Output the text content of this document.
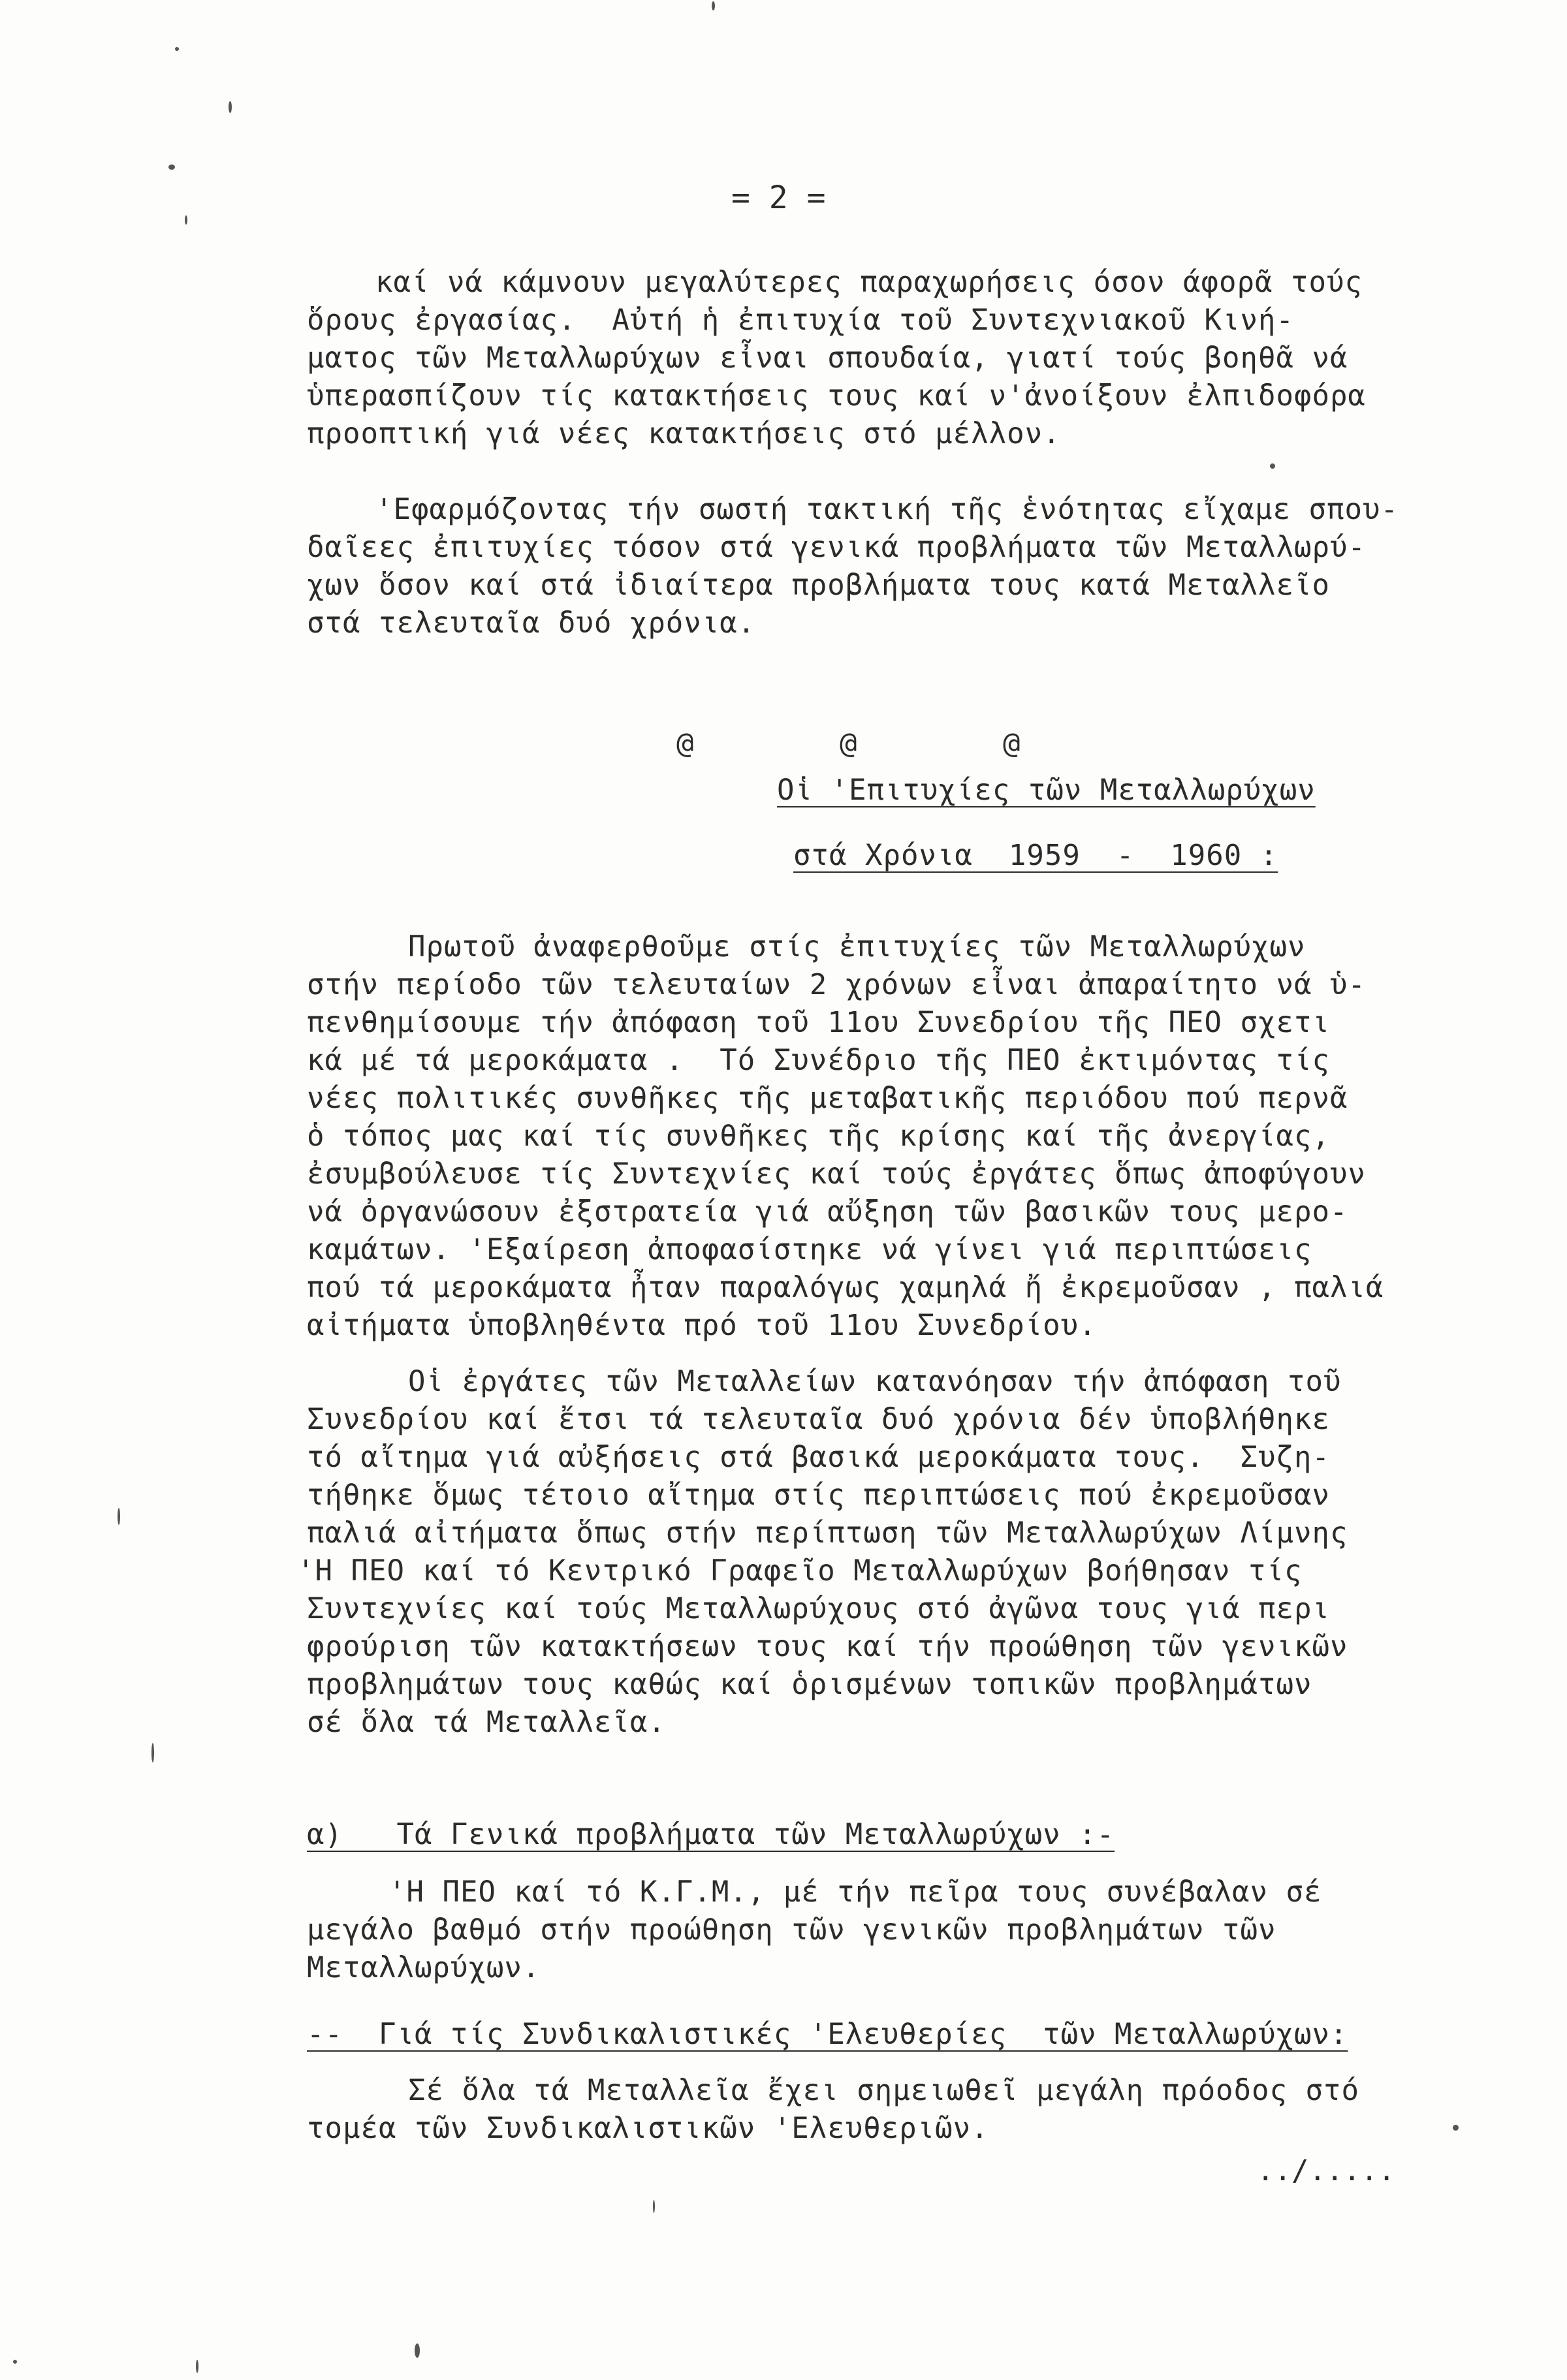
= 2 =
καί νά κάμνουν μεγαλύτερες παραχωρήσεις όσον άφορᾶ τούς
ὅρους ἐργασίας.  Αὐτή ἡ ἐπιτυχία τοῦ Συντεχνιακοῦ Κινή-
ματος τῶν Μεταλλωρύχων εἶναι σπουδαία, γιατί τούς βοηθᾶ νά
ὑπερασπίζουν τίς κατακτήσεις τους καί ν'ἀνοίξουν ἐλπιδοφόρα
προοπτική γιά νέες κατακτήσεις στό μέλλον.
'Εφαρμόζοντας τήν σωστή τακτική τῆς ἑνότητας εἴχαμε σπου-
δαῖεες ἐπιτυχίες τόσον στά γενικά προβλήματα τῶν Μεταλλωρύ-
χων ὅσον καί στά ἰδιαίτερα προβλήματα τους κατά Μεταλλεῖο
στά τελευταῖα δυό χρόνια.

@	@	@

Οἱ 'Επιτυχίες τῶν Μεταλλωρύχων
στά Χρόνια  1959  -  1960 :
Πρωτοῦ ἀναφερθοῦμε στίς ἐπιτυχίες τῶν Μεταλλωρύχων
στήν περίοδο τῶν τελευταίων 2 χρόνων εἶναι ἀπαραίτητο νά ὑ-
πενθημίσουμε τήν ἀπόφαση τοῦ 11ου Συνεδρίου τῆς ΠΕΟ σχετι
κά μέ τά μεροκάματα .  Τό Συνέδριο τῆς ΠΕΟ ἐκτιμόντας τίς
νέες πολιτικές συνθῆκες τῆς μεταβατικῆς περιόδου πού περνᾶ
ὁ τόπος μας καί τίς συνθῆκες τῆς κρίσης καί τῆς ἀνεργίας,
ἐσυμβούλευσε τίς Συντεχνίες καί τούς ἐργάτες ὅπως ἀποφύγουν
νά ὀργανώσουν ἐξστρατεία γιά αὔξηση τῶν βασικῶν τους μερο-
καμάτων. 'Εξαίρεση ἀποφασίστηκε νά γίνει γιά περιπτώσεις
πού τά μεροκάματα ἦταν παραλόγως χαμηλά ἤ ἐκρεμοῦσαν , παλιά
αἰτήματα ὑποβληθέντα πρό τοῦ 11ου Συνεδρίου.
Οἱ ἐργάτες τῶν Μεταλλείων κατανόησαν τήν ἀπόφαση τοῦ
Συνεδρίου καί ἔτσι τά τελευταῖα δυό χρόνια δέν ὑποβλήθηκε
τό αἴτημα γιά αὐξήσεις στά βασικά μεροκάματα τους.  Συζη-
τήθηκε ὅμως τέτοιο αἴτημα στίς περιπτώσεις πού ἐκρεμοῦσαν
παλιά αἰτήματα ὅπως στήν περίπτωση τῶν Μεταλλωρύχων Λίμνης
'Η ΠΕΟ καί τό Κεντρικό Γραφεῖο Μεταλλωρύχων βοήθησαν τίς
Συντεχνίες καί τούς Μεταλλωρύχους στό ἀγῶνα τους γιά περι
φρούριση τῶν κατακτήσεων τους καί τήν προώθηση τῶν γενικῶν
προβλημάτων τους καθώς καί ὁρισμένων τοπικῶν προβλημάτων
σέ ὅλα τά Μεταλλεῖα.
α)   Τά Γενικά προβλήματα τῶν Μεταλλωρύχων :-
'Η ΠΕΟ καί τό Κ.Γ.Μ., μέ τήν πεῖρα τους συνέβαλαν σέ
μεγάλο βαθμό στήν προώθηση τῶν γενικῶν προβλημάτων τῶν
Μεταλλωρύχων.
--  Γιά τίς Συνδικαλιστικές 'Ελευθερίες  τῶν Μεταλλωρύχων:
Σέ ὅλα τά Μεταλλεῖα ἔχει σημειωθεῖ μεγάλη πρόοδος στό
τομέα τῶν Συνδικαλιστικῶν 'Ελευθεριῶν.
../.....
